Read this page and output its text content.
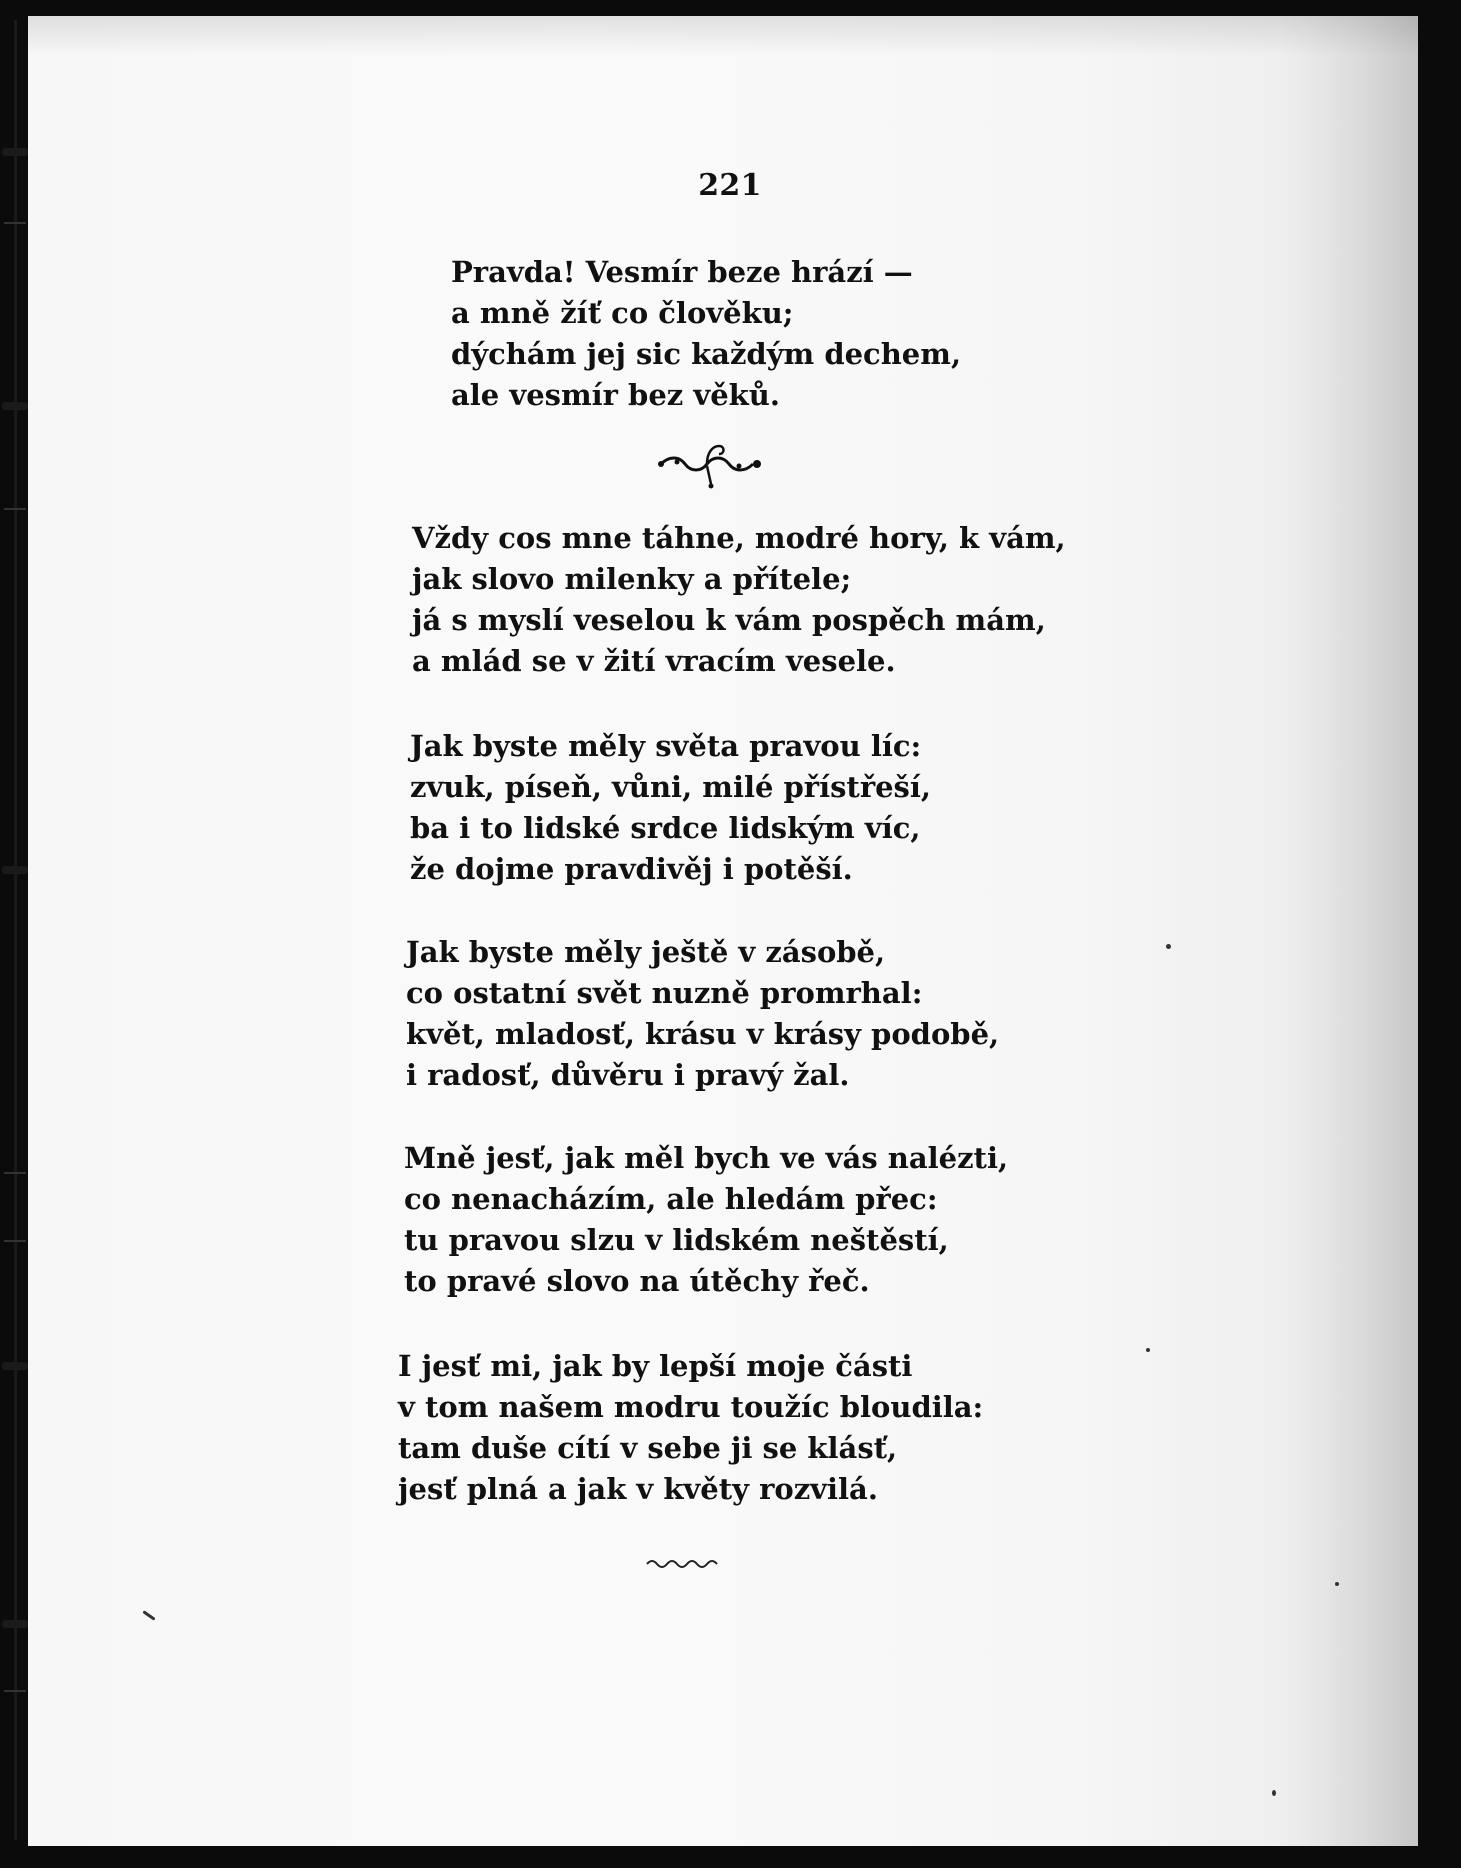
221
Pravda! Vesmír beze hrází —
a mně žíť co člověku;
dýchám jej sic každým dechem,
ale vesmír bez věků.
Vždy cos mne táhne, modré hory, k vám,
jak slovo milenky a přítele;
já s myslí veselou k vám pospěch mám,
a mlád se v žití vracím vesele.
Jak byste měly světa pravou líc:
zvuk, píseň, vůni, milé přístřeší,
ba i to lidské srdce lidským víc,
že dojme pravdivěj i potěší.
Jak byste měly ještě v zásobě,
co ostatní svět nuzně promrhal:
květ, mladosť, krásu v krásy podobě,
i radosť, důvěru i pravý žal.
Mně jesť, jak měl bych ve vás nalézti,
co nenacházím, ale hledám přec:
tu pravou slzu v lidském neštěstí,
to pravé slovo na útěchy řeč.
I jesť mi, jak by lepší moje části
v tom našem modru toužíc bloudila:
tam duše cítí v sebe ji se klásť,
jesť plná a jak v květy rozvilá.
